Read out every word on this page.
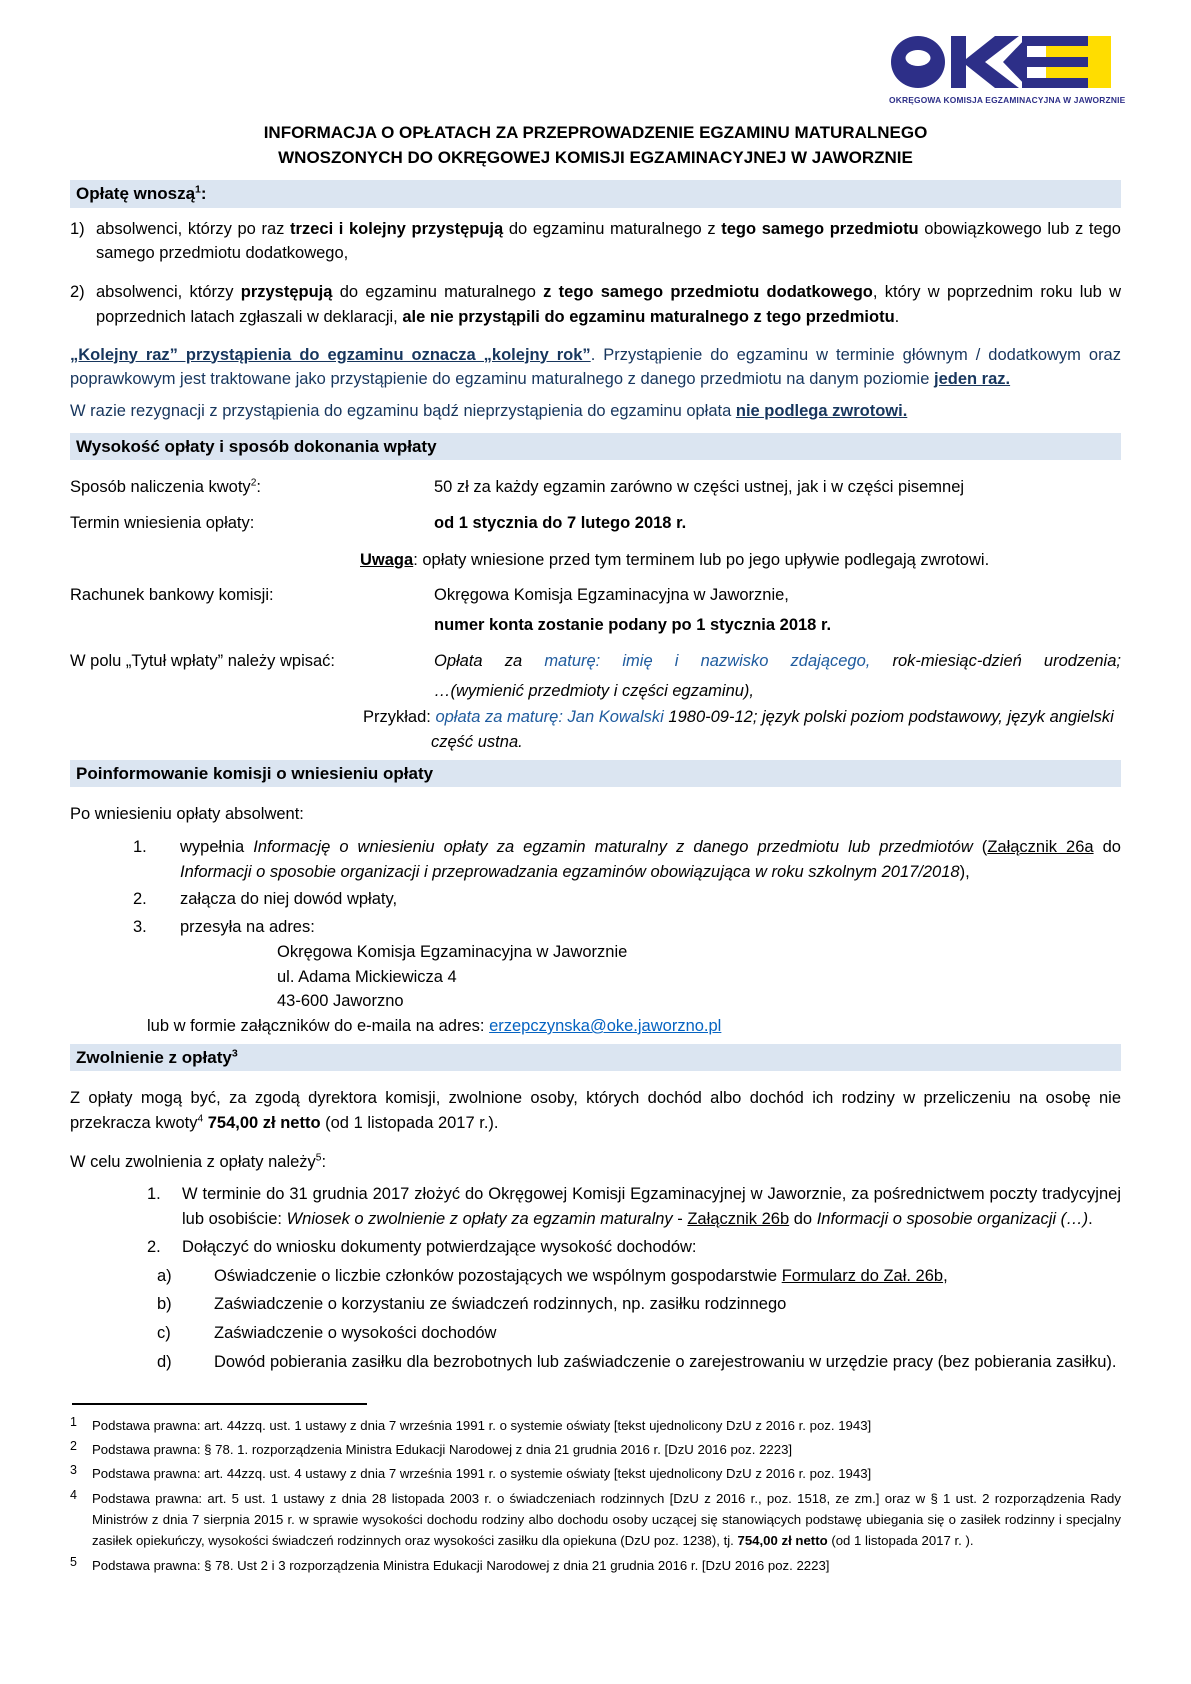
OKRĘGOWA KOMISJA EGZAMINACYJNA W JAWORZNIE
INFORMACJA O OPŁATACH ZA PRZEPROWADZENIE EGZAMINU MATURALNEGO
WNOSZONYCH DO OKRĘGOWEJ KOMISJI EGZAMINACYJNEJ W JAWORZNIE
Opłatę wnoszą$^1$:
1) absolwenci, którzy po raz trzeci i kolejny przystępują do egzaminu maturalnego z tego samego przedmiotu obowiązkowego lub z tego samego przedmiotu dodatkowego,
2) absolwenci, którzy przystępują do egzaminu maturalnego z tego samego przedmiotu dodatkowego, który w poprzednim roku lub w poprzednich latach zgłaszali w deklaracji, ale nie przystąpili do egzaminu maturalnego z tego przedmiotu.
„Kolejny raz” przystąpienia do egzaminu oznacza „kolejny rok”. Przystąpienie do egzaminu w terminie głównym / dodatkowym oraz poprawkowym jest traktowane jako przystąpienie do egzaminu maturalnego z danego przedmiotu na danym poziomie jeden raz.
W razie rezygnacji z przystąpienia do egzaminu bądź nieprzystąpienia do egzaminu opłata nie podlega zwrotowi.
Wysokość opłaty i sposób dokonania wpłaty
Sposób naliczenia kwoty$^2$:	50 zł za każdy egzamin zarówno w części ustnej, jak i w części pisemnej
Termin wniesienia opłaty:	od 1 stycznia do 7 lutego 2018 r.
Uwaga: opłaty wniesione przed tym terminem lub po jego upływie podlegają zwrotowi.
Rachunek bankowy komisji:	Okręgowa Komisja Egzaminacyjna w Jaworznie,
numer konta zostanie podany po 1 stycznia 2018 r.
W polu „Tytuł wpłaty” należy wpisać:	Opłata za maturę: imię i nazwisko zdającego, rok-miesiąc-dzień urodzenia;
…(wymienić przedmioty i części egzaminu),
Przykład: opłata za maturę: Jan Kowalski 1980-09-12; język polski poziom podstawowy, język angielski część ustna.
Poinformowanie komisji o wniesieniu opłaty
Po wniesieniu opłaty absolwent:
1.	wypełnia Informację o wniesieniu opłaty za egzamin maturalny z danego przedmiotu lub przedmiotów (Załącznik 26a do Informacji o sposobie organizacji i przeprowadzania egzaminów obowiązująca w roku szkolnym 2017/2018),
2.	załącza do niej dowód wpłaty,
3.	przesyła na adres:
Okręgowa Komisja Egzaminacyjna w Jaworznie
ul. Adama Mickiewicza 4
43-600 Jaworzno
lub w formie załączników do e-maila na adres: erzepczynska@oke.jaworzno.pl
Zwolnienie z opłaty$^3$
Z opłaty mogą być, za zgodą dyrektora komisji, zwolnione osoby, których dochód albo dochód ich rodziny w przeliczeniu na osobę nie przekracza kwoty$^4$ 754,00 zł netto (od 1 listopada 2017 r.).
W celu zwolnienia z opłaty należy$^5$:
1.	W terminie do 31 grudnia 2017 złożyć do Okręgowej Komisji Egzaminacyjnej w Jaworznie, za pośrednictwem poczty tradycyjnej lub osobiście: Wniosek o zwolnienie z opłaty za egzamin maturalny - Załącznik 26b do Informacji o sposobie organizacji (…).
2.	Dołączyć do wniosku dokumenty potwierdzające wysokość dochodów:
a)	Oświadczenie o liczbie członków pozostających we wspólnym gospodarstwie Formularz do Zał. 26b,
b)	Zaświadczenie o korzystaniu ze świadczeń rodzinnych, np. zasiłku rodzinnego
c)	Zaświadczenie o wysokości dochodów
d)	Dowód pobierania zasiłku dla bezrobotnych lub zaświadczenie o zarejestrowaniu w urzędzie pracy (bez pobierania zasiłku).
1	Podstawa prawna: art. 44zzq. ust. 1 ustawy z dnia 7 września 1991 r. o systemie oświaty [tekst ujednolicony DzU z 2016 r. poz. 1943]
2	Podstawa prawna: § 78. 1. rozporządzenia Ministra Edukacji Narodowej z dnia 21 grudnia 2016 r. [DzU 2016 poz. 2223]
3	Podstawa prawna: art. 44zzq. ust. 4 ustawy z dnia 7 września 1991 r. o systemie oświaty [tekst ujednolicony DzU z 2016 r. poz. 1943]
4	Podstawa prawna: art. 5 ust. 1 ustawy z dnia 28 listopada 2003 r. o świadczeniach rodzinnych [DzU z 2016 r., poz. 1518, ze zm.] oraz w § 1 ust. 2 rozporządzenia Rady Ministrów z dnia 7 sierpnia 2015 r. w sprawie wysokości dochodu rodziny albo dochodu osoby uczącej się stanowiących podstawę ubiegania się o zasiłek rodzinny i specjalny zasiłek opiekuńczy, wysokości świadczeń rodzinnych oraz wysokości zasiłku dla opiekuna (DzU poz. 1238), tj. 754,00 zł netto (od 1 listopada 2017 r. ).
5	Podstawa prawna: § 78. Ust 2 i 3 rozporządzenia Ministra Edukacji Narodowej z dnia 21 grudnia 2016 r. [DzU 2016 poz. 2223]
